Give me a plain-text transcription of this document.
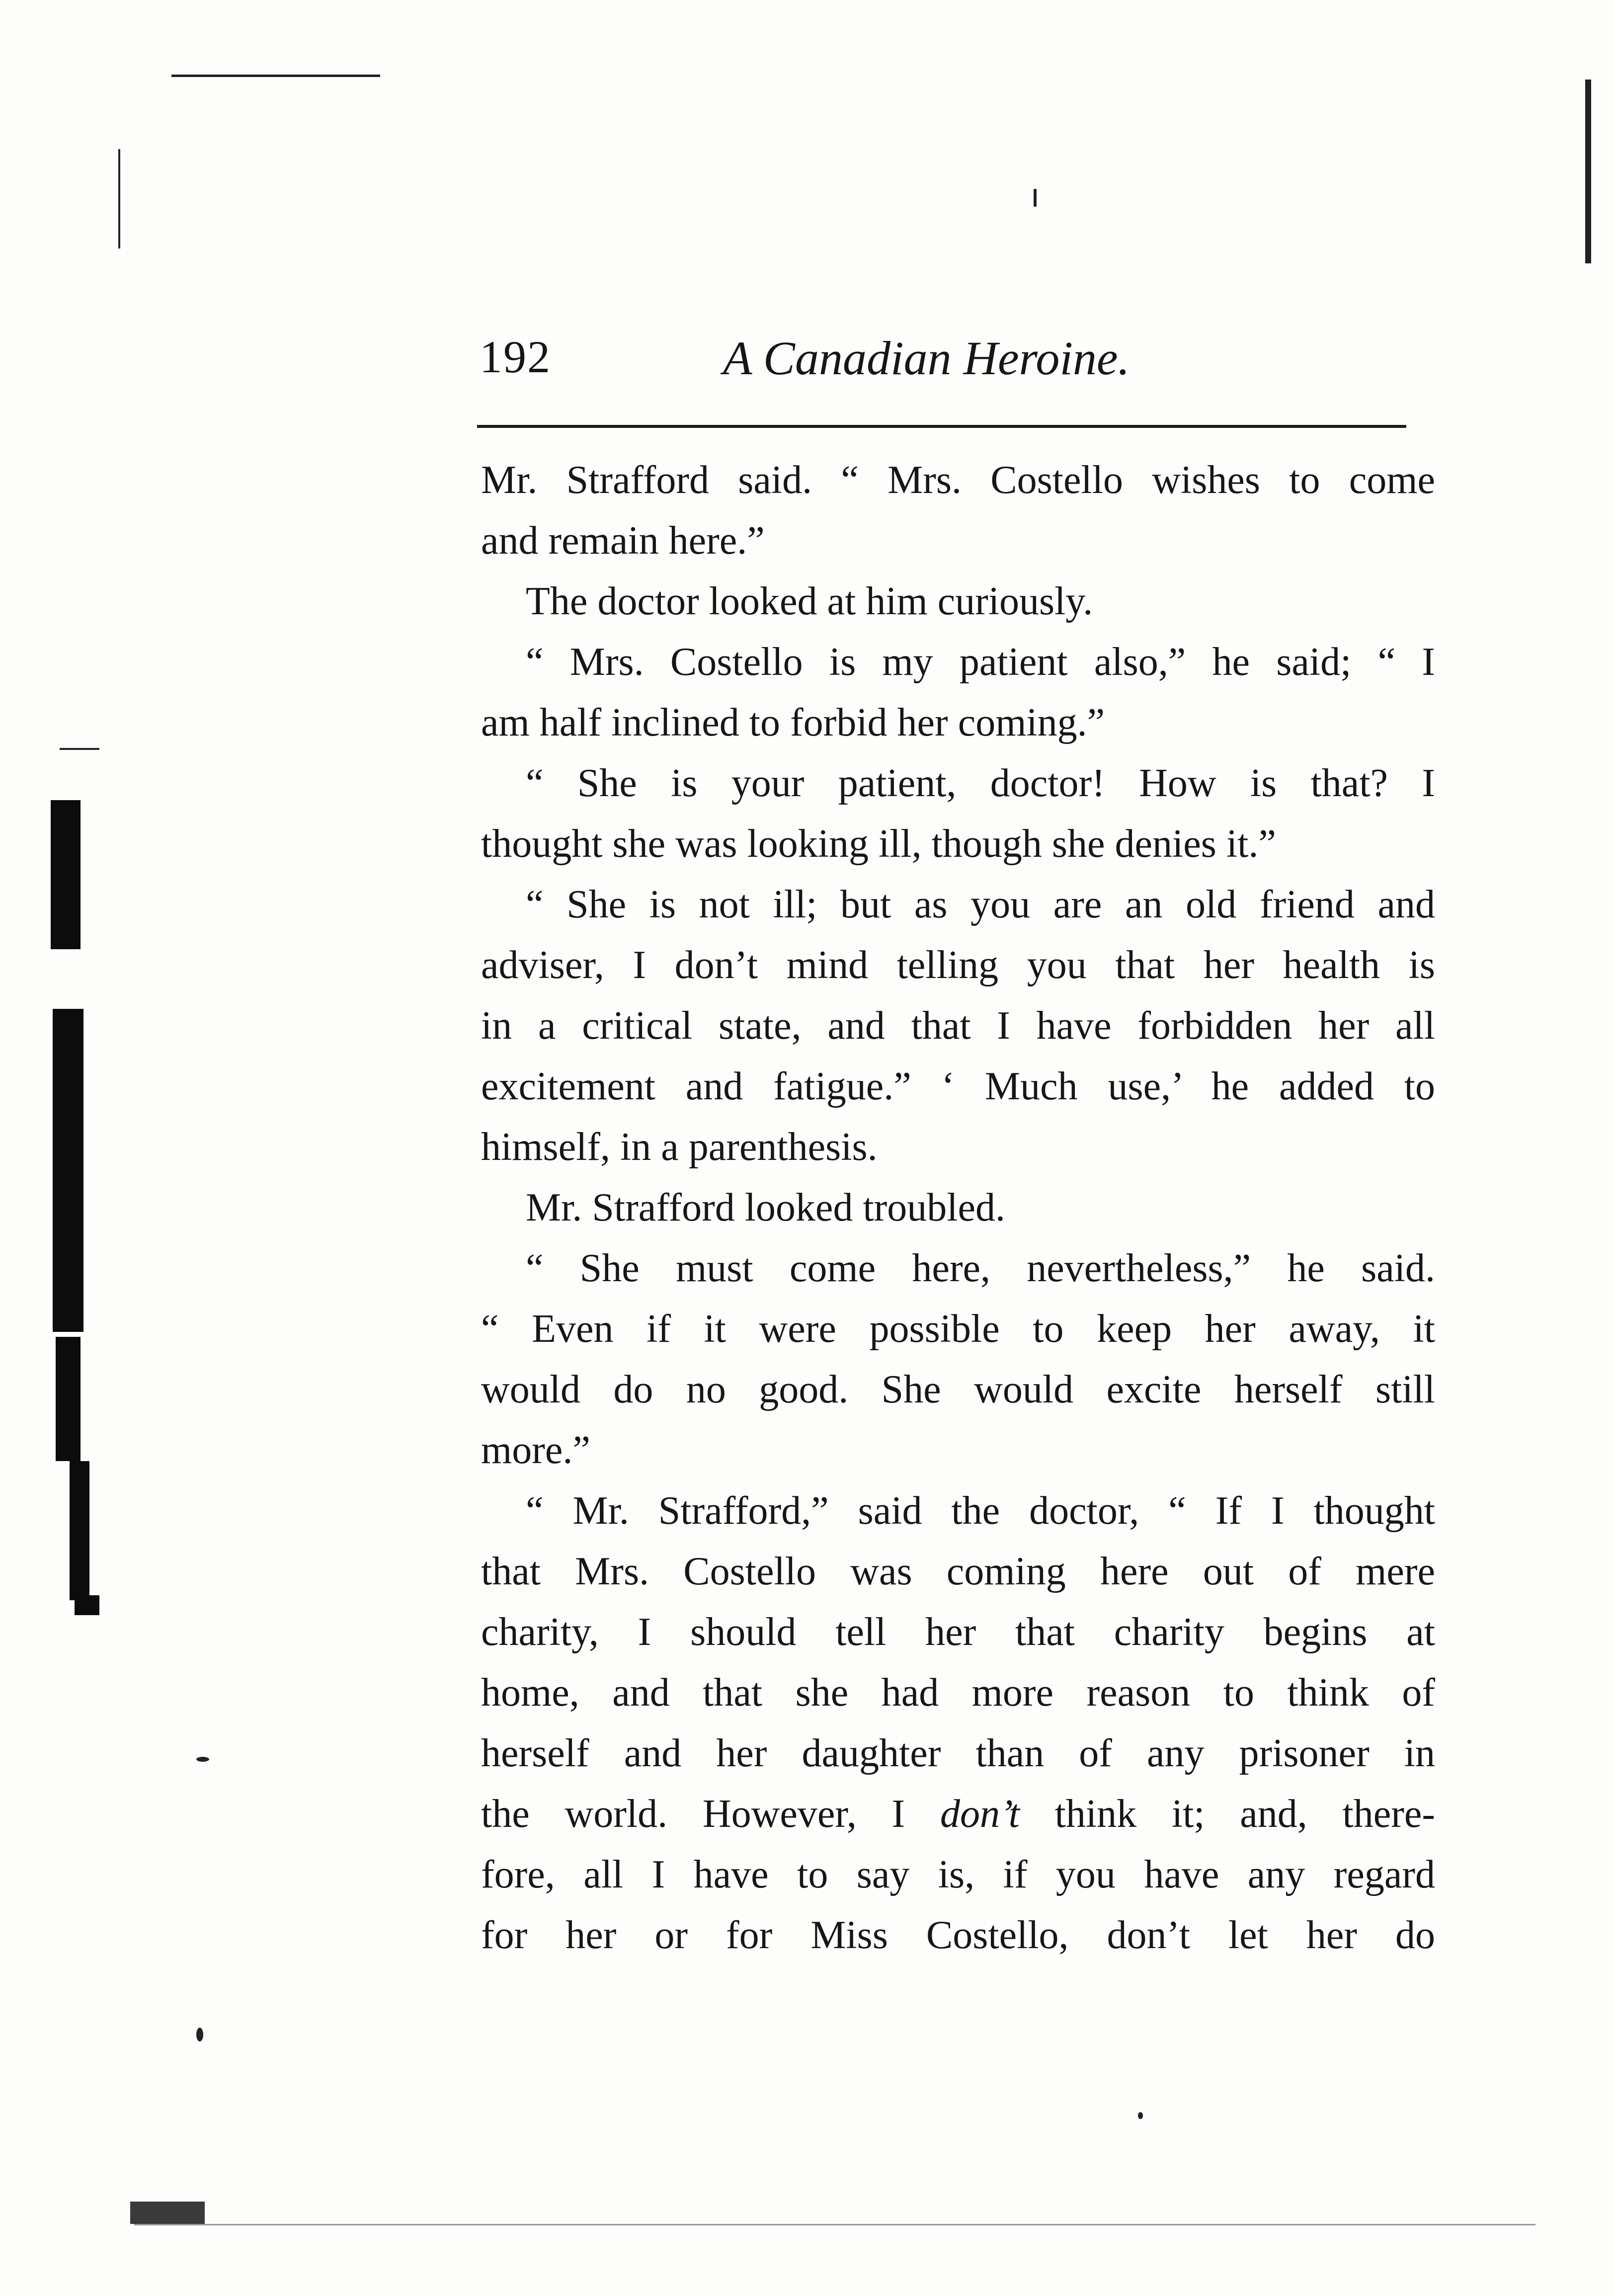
192	A Canadian Heroine.
Mr. Strafford said. “ Mrs. Costello wishes to come
and remain here.”
The doctor looked at him curiously.
“ Mrs. Costello is my patient also,” he said; “ I
am half inclined to forbid her coming.”
“ She is your patient, doctor! How is that? I
thought she was looking ill, though she denies it.”
“ She is not ill; but as you are an old friend and
adviser, I don’t mind telling you that her health is
in a critical state, and that I have forbidden her all
excitement and fatigue.” ‘ Much use,’ he added to
himself, in a parenthesis.
Mr. Strafford looked troubled.
“ She must come here, nevertheless,” he said.
“ Even if it were possible to keep her away, it
would do no good. She would excite herself still
more.”
“ Mr. Strafford,” said the doctor, “ If I thought
that Mrs. Costello was coming here out of mere
charity, I should tell her that charity begins at
home, and that she had more reason to think of
herself and her daughter than of any prisoner in
the world. However, I don’t think it; and, there-
fore, all I have to say is, if you have any regard
for her or for Miss Costello, don’t let her do
